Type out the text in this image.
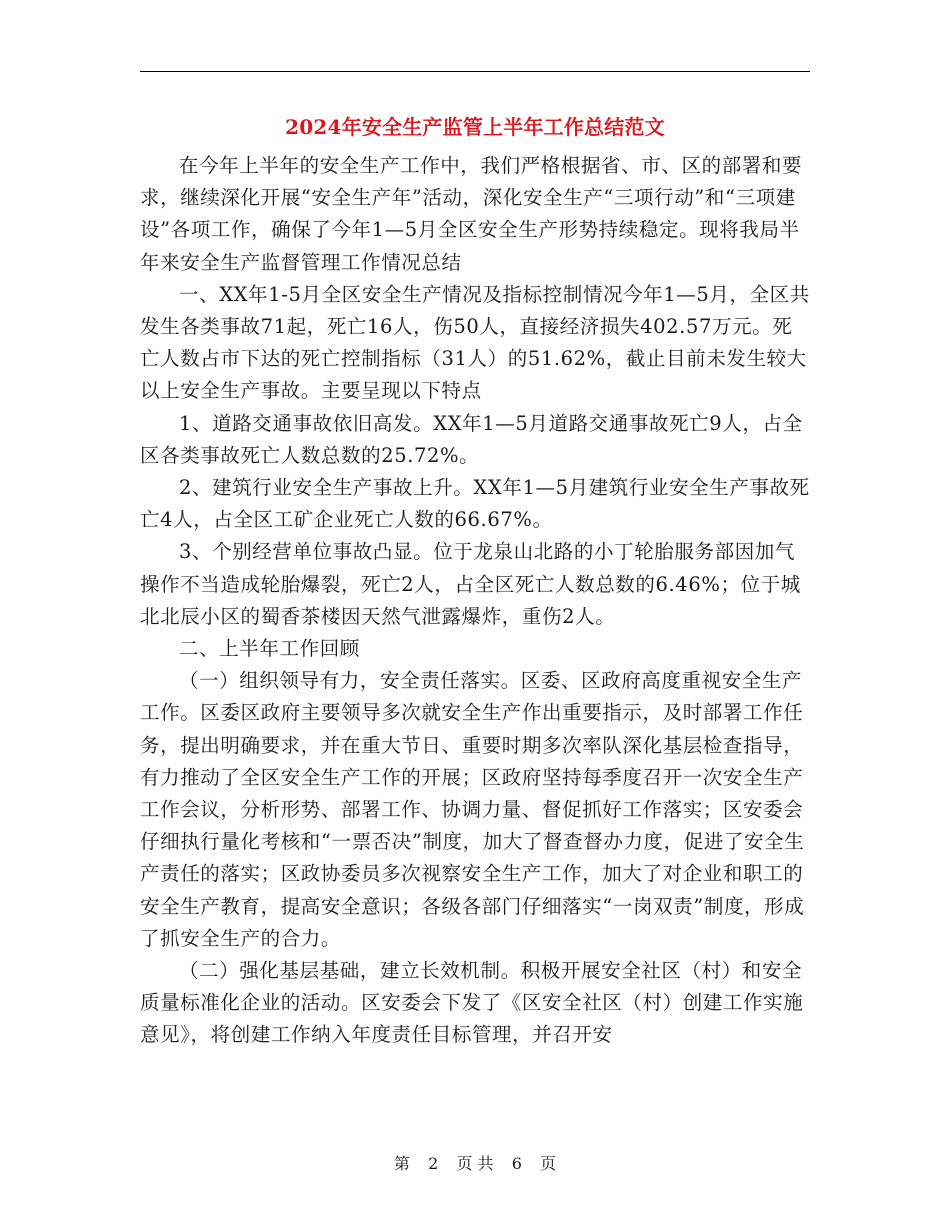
2024年安全生产监管上半年工作总结范文

在今年上半年的安全生产工作中，我们严格根据省、市、区的部署和要求，继续深化开展“安全生产年”活动，深化安全生产“三项行动”和“三项建设”各项工作，确保了今年1—5月全区安全生产形势持续稳定。现将我局半年来安全生产监督管理工作情况总结

一、XX年1-5月全区安全生产情况及指标控制情况今年1—5月，全区共发生各类事故71起，死亡16人，伤50人，直接经济损失402.57万元。死亡人数占市下达的死亡控制指标（31人）的51.62%，截止目前未发生较大以上安全生产事故。主要呈现以下特点

1、道路交通事故依旧高发。XX年1—5月道路交通事故死亡9人，占全区各类事故死亡人数总数的25.72%。

2、建筑行业安全生产事故上升。XX年1—5月建筑行业安全生产事故死亡4人，占全区工矿企业死亡人数的66.67%。

3、个别经营单位事故凸显。位于龙泉山北路的小丁轮胎服务部因加气操作不当造成轮胎爆裂，死亡2人，占全区死亡人数总数的6.46%；位于城北北辰小区的蜀香茶楼因天然气泄露爆炸，重伤2人。

二、上半年工作回顾

（一）组织领导有力，安全责任落实。区委、区政府高度重视安全生产工作。区委区政府主要领导多次就安全生产作出重要指示，及时部署工作任务，提出明确要求，并在重大节日、重要时期多次率队深化基层检查指导，有力推动了全区安全生产工作的开展；区政府坚持每季度召开一次安全生产工作会议，分析形势、部署工作、协调力量、督促抓好工作落实；区安委会仔细执行量化考核和“一票否决”制度，加大了督查督办力度，促进了安全生产责任的落实；区政协委员多次视察安全生产工作，加大了对企业和职工的安全生产教育，提高安全意识；各级各部门仔细落实“一岗双责”制度，形成了抓安全生产的合力。

（二）强化基层基础，建立长效机制。积极开展安全社区（村）和安全质量标准化企业的活动。区安委会下发了《区安全社区（村）创建工作实施意见》，将创建工作纳入年度责任目标管理，并召开安

第 2 页 共 6 页
